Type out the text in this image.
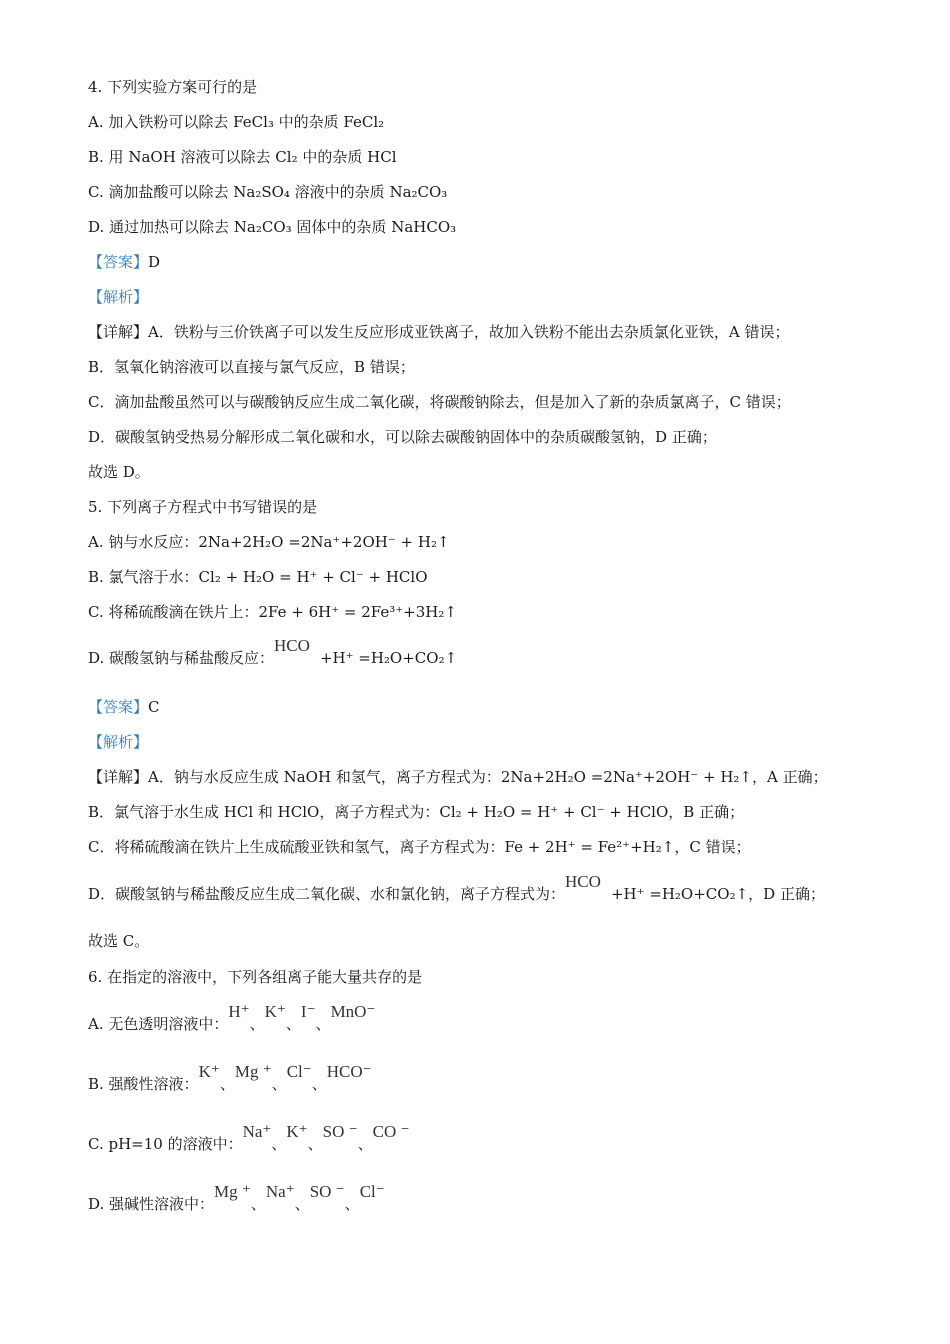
4. 下列实验方案可行的是
A. 加入铁粉可以除去 FeCl₃ 中的杂质 FeCl₂
B. 用 NaOH 溶液可以除去 Cl₂ 中的杂质 HCl
C. 滴加盐酸可以除去 Na₂SO₄ 溶液中的杂质 Na₂CO₃
D. 通过加热可以除去 Na₂CO₃ 固体中的杂质 NaHCO₃
【答案】D
【解析】
【详解】A．铁粉与三价铁离子可以发生反应形成亚铁离子，故加入铁粉不能出去杂质氯化亚铁，A 错误；
B．氢氧化钠溶液可以直接与氯气反应，B 错误；
C．滴加盐酸虽然可以与碳酸钠反应生成二氧化碳，将碳酸钠除去，但是加入了新的杂质氯离子，C 错误；
D．碳酸氢钠受热易分解形成二氧化碳和水，可以除去碳酸钠固体中的杂质碳酸氢钠，D 正确；
故选 D。
5. 下列离子方程式中书写错误的是
A. 钠与水反应：2Na+2H₂O =2Na⁺+2OH⁻ + H₂↑
B. 氯气溶于水：Cl₂ + H₂O = H⁺ + Cl⁻ + HClO
C. 将稀硫酸滴在铁片上：2Fe + 6H⁺ = 2Fe³⁺+3H₂↑
D. 碳酸氢钠与稀盐酸反应：HCO+H⁺ =H₂O+CO₂↑
【答案】C
【解析】
【详解】A．钠与水反应生成 NaOH 和氢气，离子方程式为：2Na+2H₂O =2Na⁺+2OH⁻ + H₂↑，A 正确；
B．氯气溶于水生成 HCl 和 HClO，离子方程式为：Cl₂ + H₂O = H⁺ + Cl⁻ + HClO，B 正确；
C．将稀硫酸滴在铁片上生成硫酸亚铁和氢气，离子方程式为：Fe + 2H⁺ = Fe²⁺+H₂↑，C 错误；
D．碳酸氢钠与稀盐酸反应生成二氧化碳、水和氯化钠，离子方程式为：HCO+H⁺ =H₂O+CO₂↑，D 正确；
故选 C。
6. 在指定的溶液中，下列各组离子能大量共存的是
A. 无色透明溶液中：H⁺、K⁺、I⁻、MnO⁻
B. 强酸性溶液：K⁺、Mg ⁺、Cl⁻、HCO⁻
C. pH=10 的溶液中：Na⁺、K⁺、SO ⁻、CO ⁻
D. 强碱性溶液中：Mg ⁺、Na⁺、SO ⁻、Cl⁻
